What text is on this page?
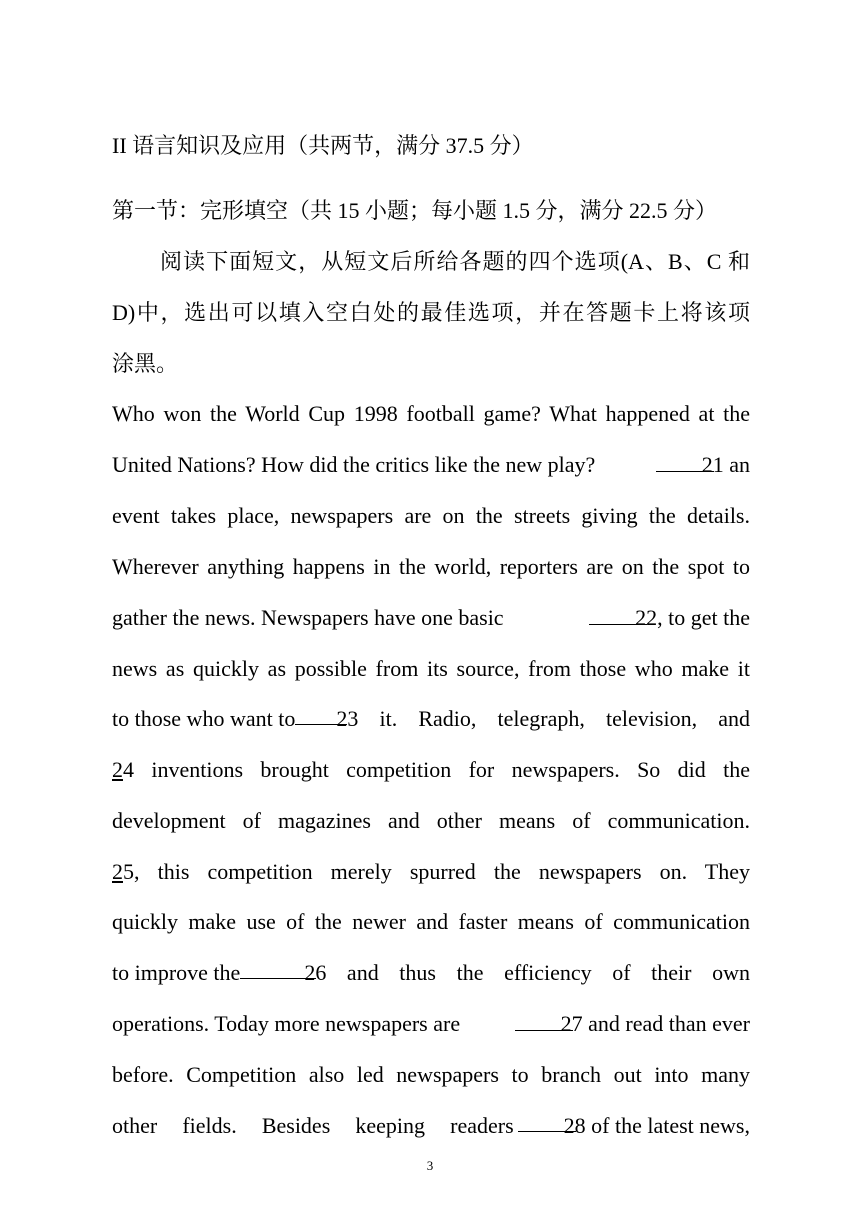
II 语言知识及应用（共两节，满分 37.5 分）
第一节：完形填空（共 15 小题；每小题 1.5 分，满分 22.5 分）
阅读下面短文，从短文后所给各题的四个选项(A、B、C 和
D)中，选出可以填入空白处的最佳选项，并在答题卡上将该项
涂黑。
Who won the World Cup 1998 football game? What happened at the
United Nations? How did the critics like the new play?	21 an
event takes place, newspapers are on the streets giving the details.
Wherever anything happens in the world, reporters are on the spot to
gather the news. Newspapers have one basic	22, to get the
news as quickly as possible from its source, from those who make it
to those who want to 23 it. Radio, telegraph, television, and
24 inventions brought competition for newspapers. So did the
development of magazines and other means of communication.
25, this competition merely spurred the newspapers on. They
quickly make use of the newer and faster means of communication
to improve the	26 and thus the efficiency of their own
operations. Today more newspapers are	27 and read than ever
before. Competition also led newspapers to branch out into many
other fields. Besides keeping readers 28 of the latest news,
3
